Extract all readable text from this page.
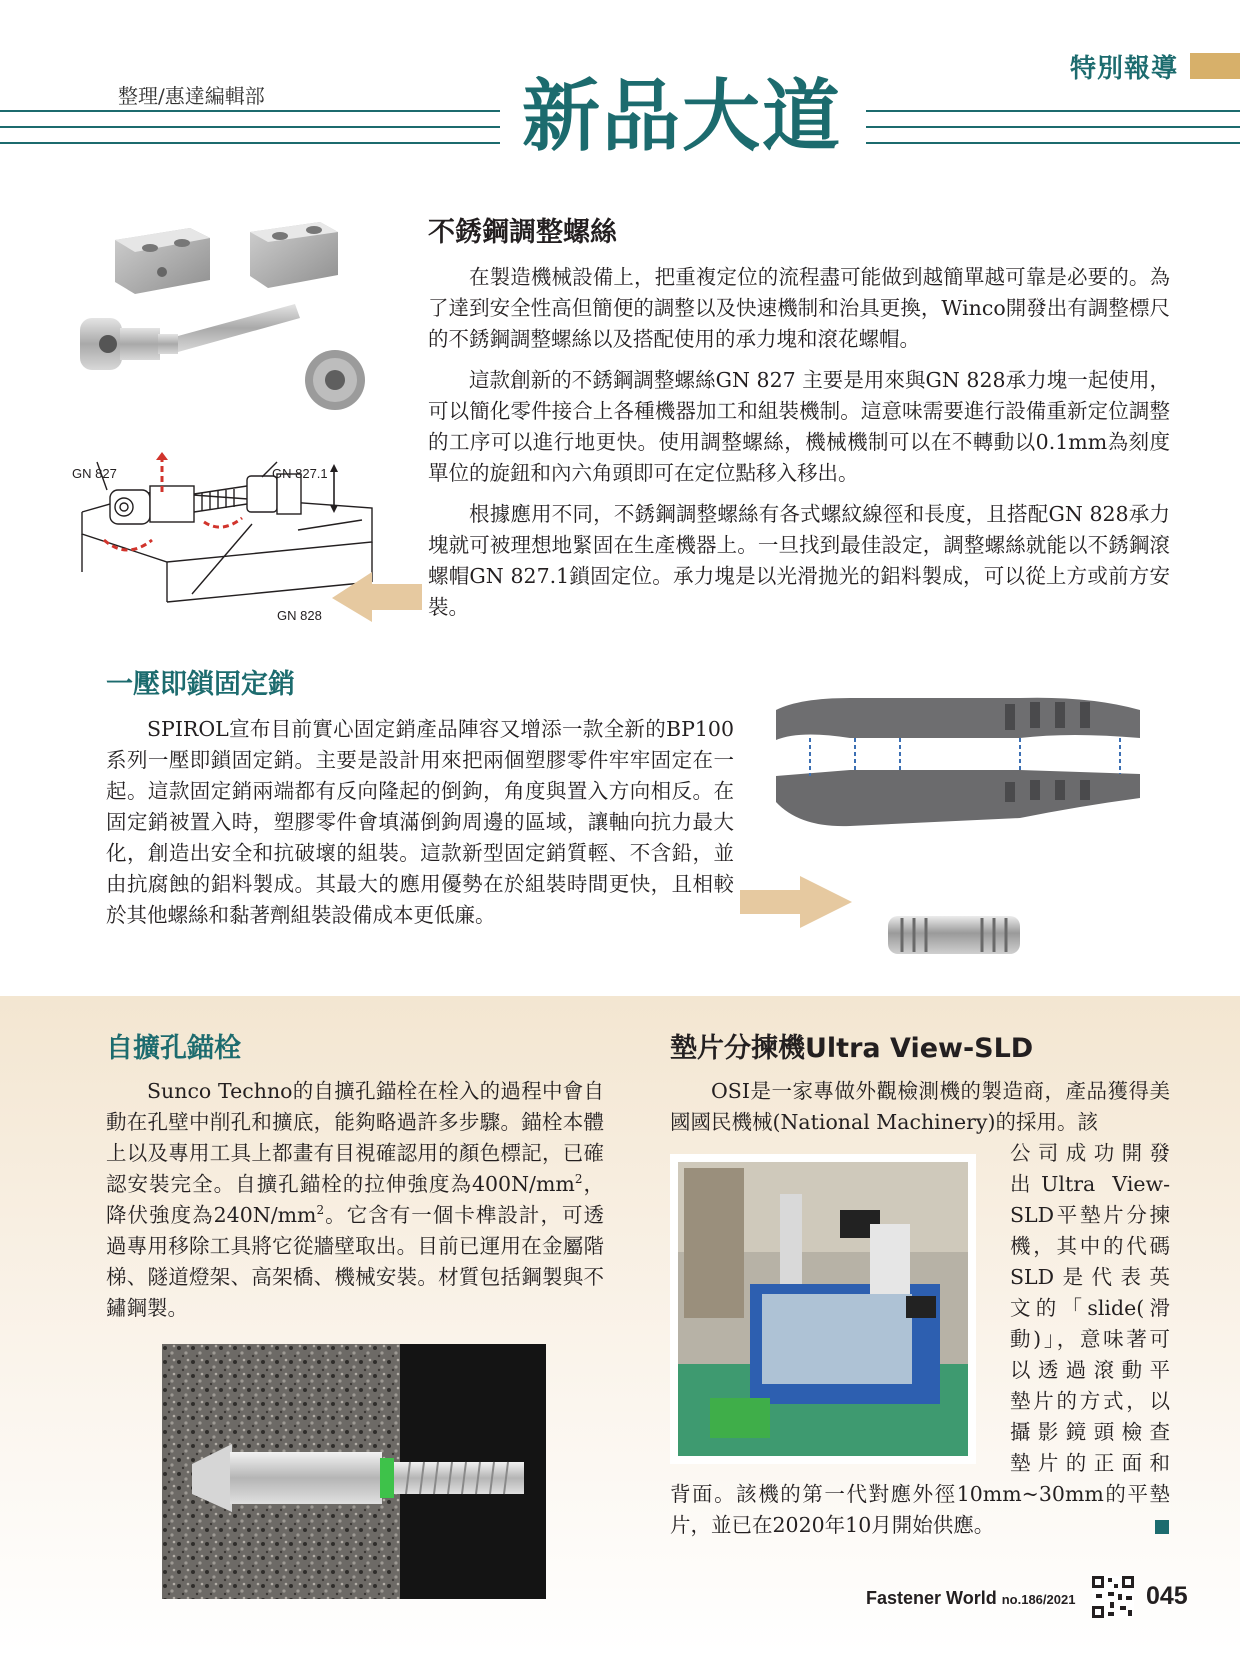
特別報導
整理/惠達編輯部	新品大道
不銹鋼調整螺絲

在製造機械設備上，把重複定位的流程盡可能做到越簡單越可靠是必要的。為了達到安全性高但簡便的調整以及快速機制和治具更換，Winco開發出有調整標尺的不銹鋼調整螺絲以及搭配使用的承力塊和滾花螺帽。

這款創新的不銹鋼調整螺絲GN 827 主要是用來與GN 828承力塊一起使用，可以簡化零件接合上各種機器加工和組裝機制。這意味需要進行設備重新定位調整的工序可以進行地更快。使用調整螺絲，機械機制可以在不轉動以0.1mm為刻度單位的旋鈕和內六角頭即可在定位點移入移出。

根據應用不同，不銹鋼調整螺絲有各式螺紋線徑和長度，且搭配GN 828承力塊就可被理想地緊固在生產機器上。一旦找到最佳設定，調整螺絲就能以不銹鋼滾螺帽GN 827.1鎖固定位。承力塊是以光滑拋光的鋁料製成，可以從上方或前方安裝。

GN 827	GN 827.1
GN 828
一壓即鎖固定銷

SPIROL宣布目前實心固定銷產品陣容又增添一款全新的BP100系列一壓即鎖固定銷。主要是設計用來把兩個塑膠零件牢牢固定在一起。這款固定銷兩端都有反向隆起的倒鉤，角度與置入方向相反。在固定銷被置入時，塑膠零件會填滿倒鉤周邊的區域，讓軸向抗力最大化，創造出安全和抗破壞的組裝。這款新型固定銷質輕、不含鉛，並由抗腐蝕的鋁料製成。其最大的應用優勢在於組裝時間更快，且相較於其他螺絲和黏著劑組裝設備成本更低廉。

自擴孔錨栓

Sunco Techno的自擴孔錨栓在栓入的過程中會自動在孔壁中削孔和擴底，能夠略過許多步驟。錨栓本體上以及專用工具上都畫有目視確認用的顏色標記，已確認安裝完全。自擴孔錨栓的拉伸強度為$400N/mm^2$，降伏強度為$240N/mm^2$。它含有一個卡榫設計，可透過專用移除工具將它從牆壁取出。目前已運用在金屬階梯、隧道燈架、高架橋、機械安裝。材質包括鋼製與不鏽鋼製。

墊片分揀機Ultra View-SLD

OSI是一家專做外觀檢測機的製造商，產品獲得美國國民機械(National Machinery)的採用。該

公司成功開發
出Ultra View-
SLD平墊片分揀
機，其中的代碼
SLD是代表英
文的「slide(滑
動)」，意味著可
以透過滾動平
墊片的方式，以
攝影鏡頭檢查
墊片的正面和

背面。該機的第一代對應外徑10mm~30mm的平墊片，並已在2020年10月開始供應。

Fastener World no.186/2021	045
